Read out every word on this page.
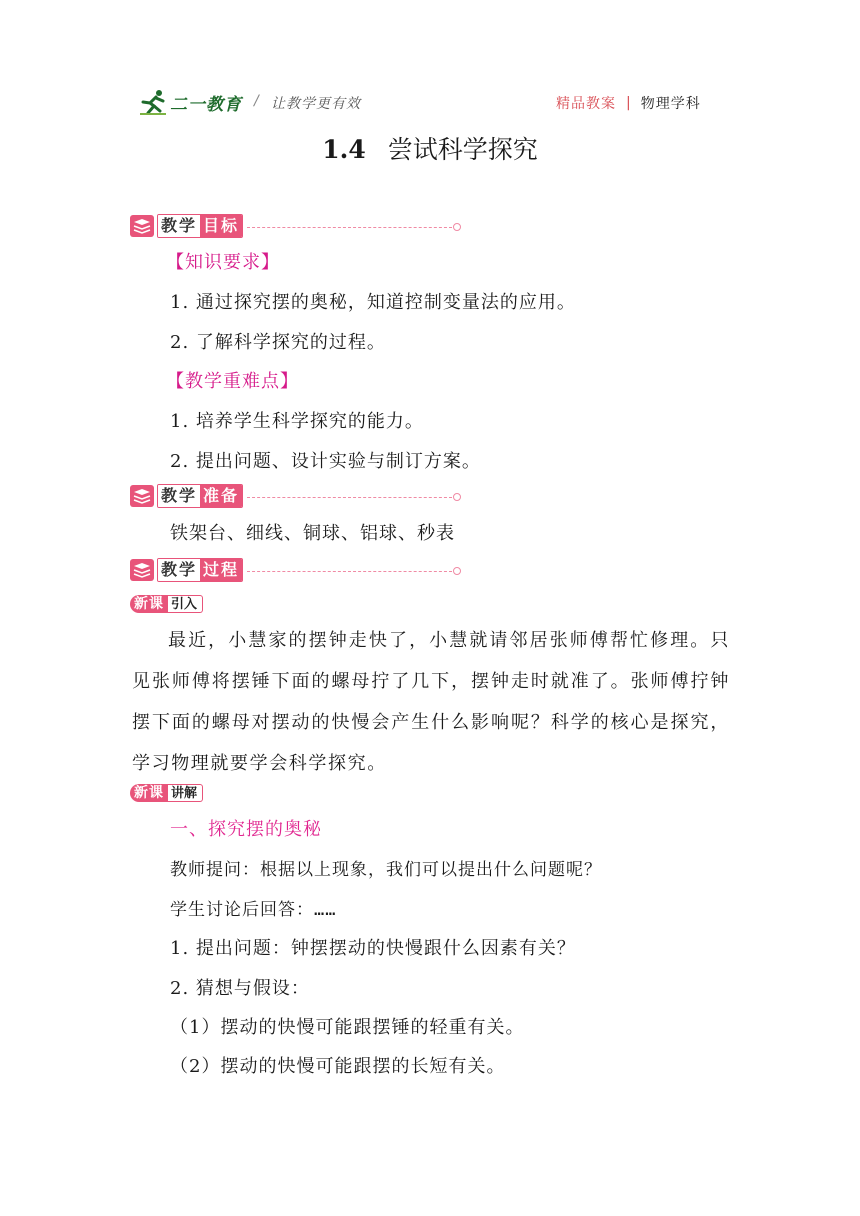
二一教育 / 让教学更有效	精品教案 | 物理学科
1.4 尝试科学探究
教学 目标
【知识要求】
1. 通过探究摆的奥秘，知道控制变量法的应用。
2. 了解科学探究的过程。
【教学重难点】
1. 培养学生科学探究的能力。
2. 提出问题、设计实验与制订方案。
教学 准备
铁架台、细线、铜球、铝球、秒表
教学 过程
新课 引入
最近，小慧家的摆钟走快了，小慧就请邻居张师傅帮忙修理。只见张师傅将摆锤下面的螺母拧了几下，摆钟走时就准了。张师傅拧钟摆下面的螺母对摆动的快慢会产生什么影响呢？科学的核心是探究，学习物理就要学会科学探究。
新课 讲解
一、探究摆的奥秘
教师提问：根据以上现象，我们可以提出什么问题呢？
学生讨论后回答：……
1. 提出问题：钟摆摆动的快慢跟什么因素有关？
2. 猜想与假设：
（1）摆动的快慢可能跟摆锤的轻重有关。
（2）摆动的快慢可能跟摆的长短有关。
